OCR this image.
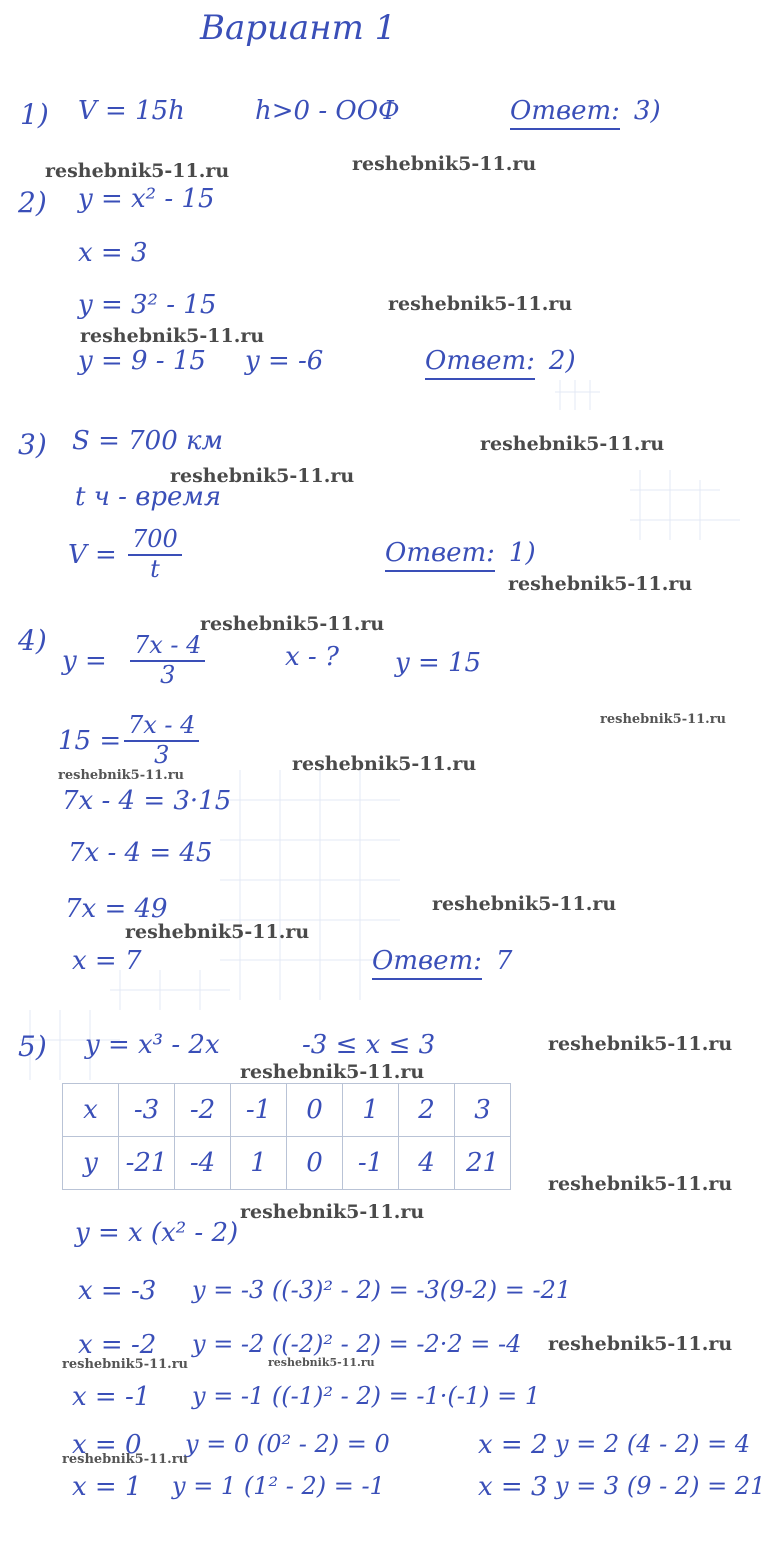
Вариант 1
1) V = 15h	h>0 - ООФ	Ответ: 3)
2) y = x² - 15
x = 3
y = 3² - 15
y = 9 - 15 y = -6	Ответ: 2)
3) S = 700 км
t ч - время
$V = \frac{700}{t}$	Ответ: 1)
4)
$y = \frac{7x - 4}{3}$	x - ? y = 15
$15 = \frac{7x - 4}{3}$
7x - 4 = 3·15
7x - 4 = 45
7x = 49
x = 7	Ответ: 7
5) y = x³ - 2x	-3 ≤ x ≤ 3
x	-3	-2	-1	0	1	2	3
y	-21	-4	1	0	-1	4	21
y = x (x² - 2)
x = -3 y = -3 ((-3)² - 2) = -3(9-2) = -21
x = -2 y = -2 ((-2)² - 2) = -2·2 = -4
x = -1 y = -1 ((-1)² - 2) = -1·(-1) = 1
x = 0 y = 0 (0² - 2) = 0
x = 1 y = 1 (1² - 2) = -1
x = 2 y = 2 (4 - 2) = 4
x = 3 y = 3 (9 - 2) = 21
reshebnik5-11.ru	reshebnik5-11.ru
reshebnik5-11.ru
reshebnik5-11.ru
reshebnik5-11.ru
reshebnik5-11.ru
reshebnik5-11.ru
reshebnik5-11.ru
reshebnik5-11.ru
reshebnik5-11.ru
reshebnik5-11.ru
reshebnik5-11.ru
reshebnik5-11.ru
reshebnik5-11.ru
reshebnik5-11.ru
reshebnik5-11.ru
reshebnik5-11.ru
reshebnik5-11.ru
reshebnik5-11.ru	reshebnik5-11.ru
reshebnik5-11.ru
